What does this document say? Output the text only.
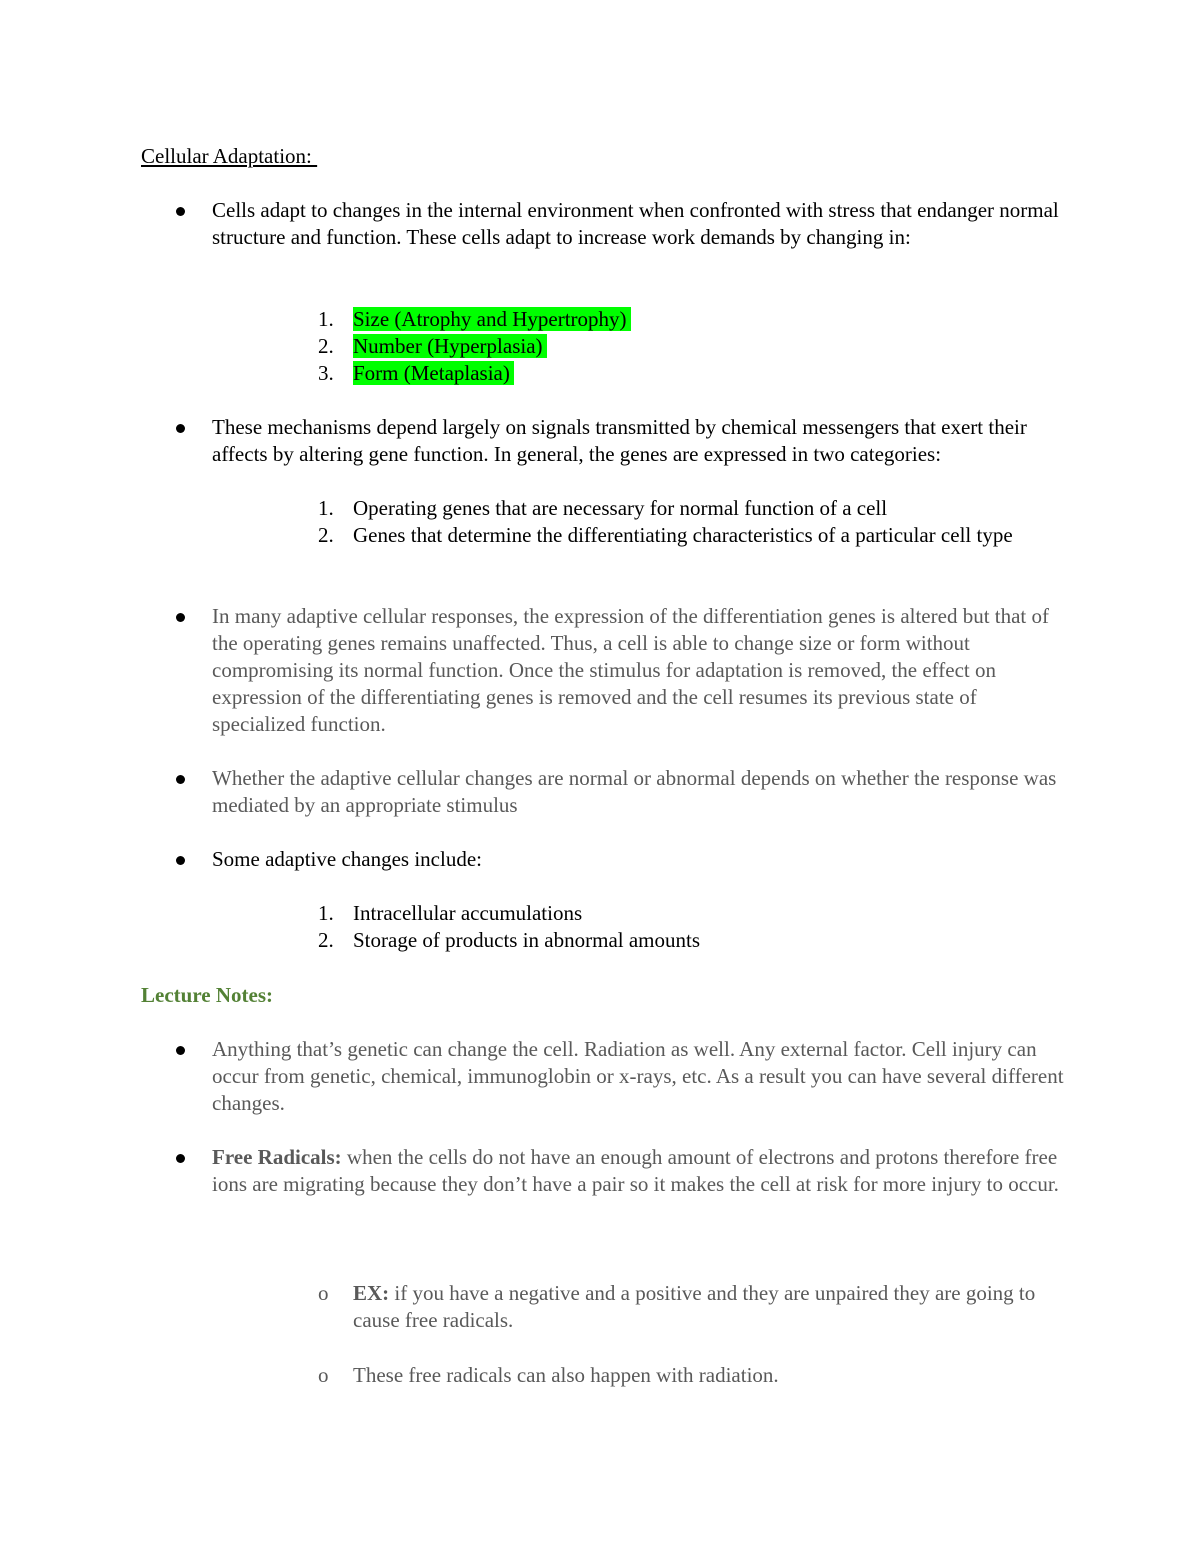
Cellular Adaptation:
Cells adapt to changes in the internal environment when confronted with stress that endanger normal structure and function. These cells adapt to increase work demands by changing in:
1. Size (Atrophy and Hypertrophy)
2. Number (Hyperplasia)
3. Form (Metaplasia)
These mechanisms depend largely on signals transmitted by chemical messengers that exert their affects by altering gene function. In general, the genes are expressed in two categories:
1. Operating genes that are necessary for normal function of a cell
2. Genes that determine the differentiating characteristics of a particular cell type
In many adaptive cellular responses, the expression of the differentiation genes is altered but that of the operating genes remains unaffected. Thus, a cell is able to change size or form without compromising its normal function. Once the stimulus for adaptation is removed, the effect on expression of the differentiating genes is removed and the cell resumes its previous state of specialized function.
Whether the adaptive cellular changes are normal or abnormal depends on whether the response was mediated by an appropriate stimulus
Some adaptive changes include:
1. Intracellular accumulations
2. Storage of products in abnormal amounts
Lecture Notes:
Anything that’s genetic can change the cell. Radiation as well. Any external factor. Cell injury can occur from genetic, chemical, immunoglobin or x-rays, etc. As a result you can have several different changes.
Free Radicals: when the cells do not have an enough amount of electrons and protons therefore free ions are migrating because they don’t have a pair so it makes the cell at risk for more injury to occur.
o EX: if you have a negative and a positive and they are unpaired they are going to cause free radicals.
o These free radicals can also happen with radiation.
